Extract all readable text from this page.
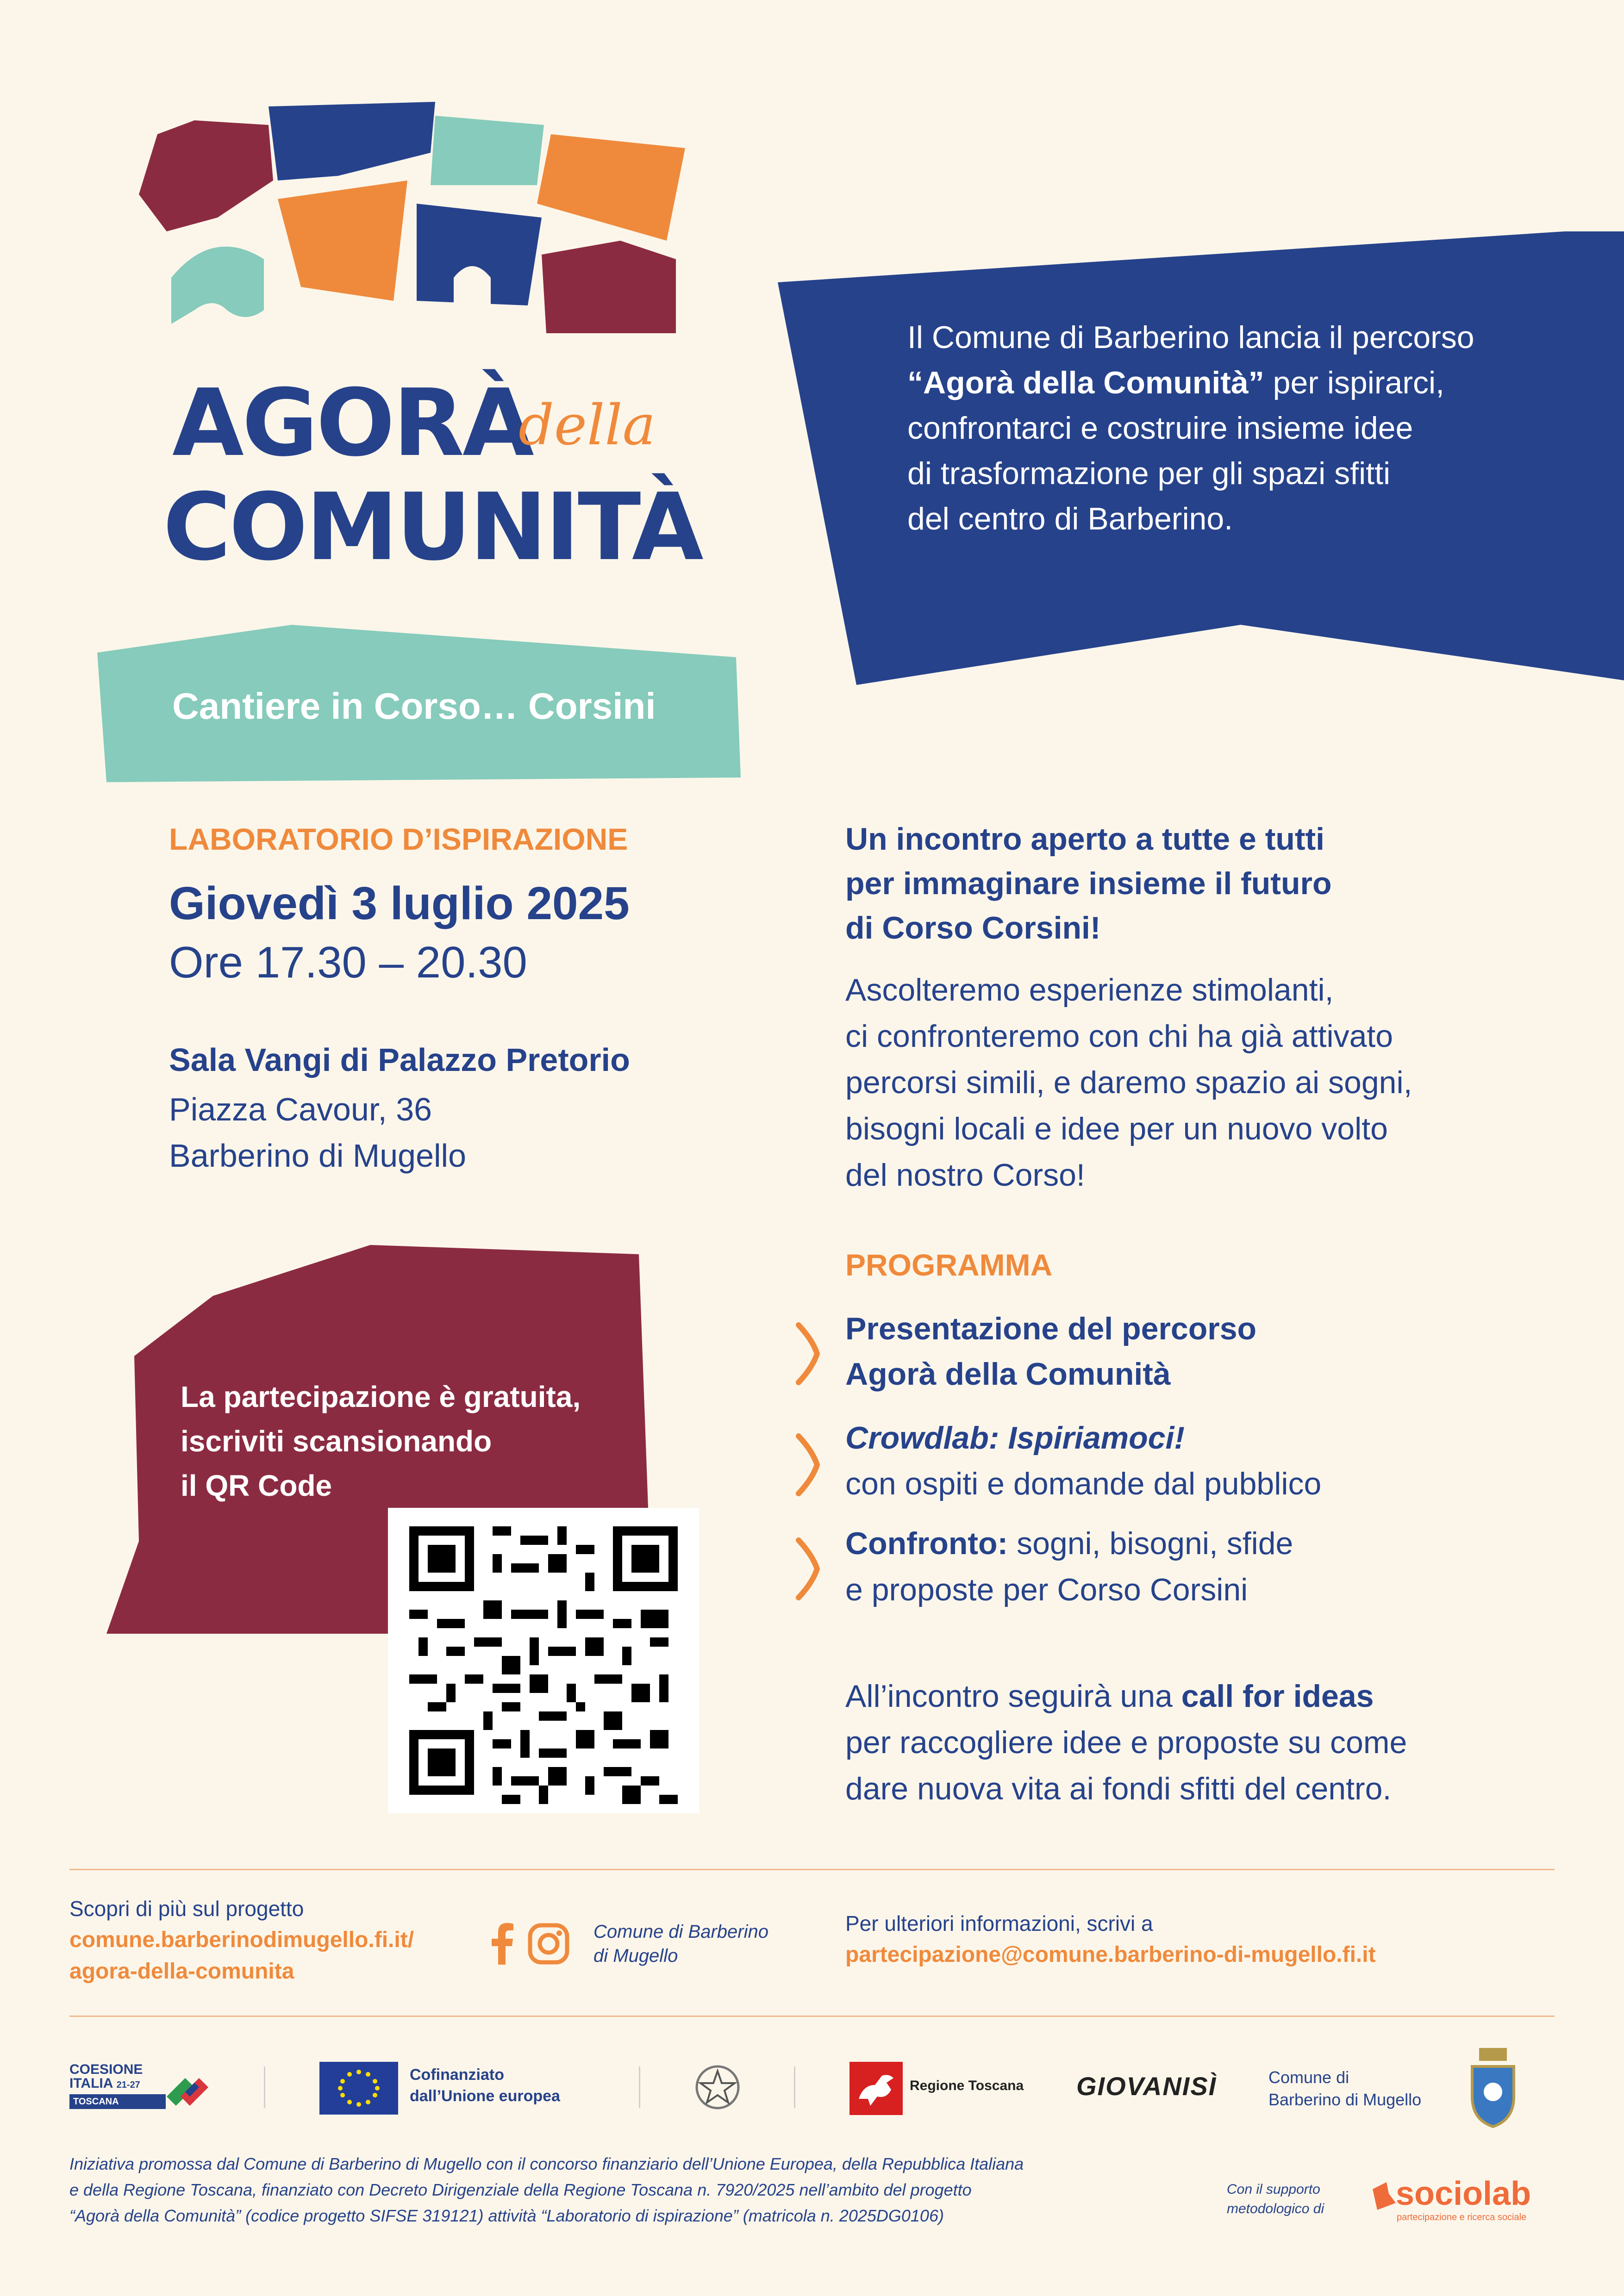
AGORÀ
della
COMUNITÀ
Il Comune di Barberino lancia il percorso
“Agorà della Comunità” per ispirarci,
confrontarci e costruire insieme idee
di trasformazione per gli spazi sfitti
del centro di Barberino.
Cantiere in Corso… Corsini
LABORATORIO D’ISPIRAZIONE
Giovedì 3 luglio 2025
Ore 17.30 – 20.30
Sala Vangi di Palazzo Pretorio
Piazza Cavour, 36
Barberino di Mugello
La partecipazione è gratuita,
iscriviti scansionando
il QR Code
Un incontro aperto a tutte e tutti
per immaginare insieme il futuro
di Corso Corsini!
Ascolteremo esperienze stimolanti,
ci confronteremo con chi ha già attivato
percorsi simili, e daremo spazio ai sogni,
bisogni locali e idee per un nuovo volto
del nostro Corso!
PROGRAMMA
Presentazione del percorso
Agorà della Comunità
Crowdlab: Ispiriamoci!
con ospiti e domande dal pubblico
Confronto: sogni, bisogni, sfide
e proposte per Corso Corsini
All’incontro seguirà una call for ideas
per raccogliere idee e proposte su come
dare nuova vita ai fondi sfitti del centro.
Scopri di più sul progetto
comune.barberinodimugello.fi.it/
agora-della-comunita
Comune di Barberino
di Mugello
Per ulteriori informazioni, scrivi a
partecipazione@comune.barberino-di-mugello.fi.it
COESIONE
ITALIA 21-27
TOSCANA
Cofinanziato
dall’Unione europea
Regione Toscana GIOVANISÌ	Comune di
Barberino di Mugello
Iniziativa promossa dal Comune di Barberino di Mugello con il concorso finanziario dell’Unione Europea, della Repubblica Italiana
e della Regione Toscana, finanziato con Decreto Dirigenziale della Regione Toscana n. 7920/2025 nell’ambito del progetto
“Agorà della Comunità” (codice progetto SIFSE 319121) attività “Laboratorio di ispirazione” (matricola n. 2025DG0106)
Con il supporto
metodologico di sociolab
partecipazione e ricerca sociale
